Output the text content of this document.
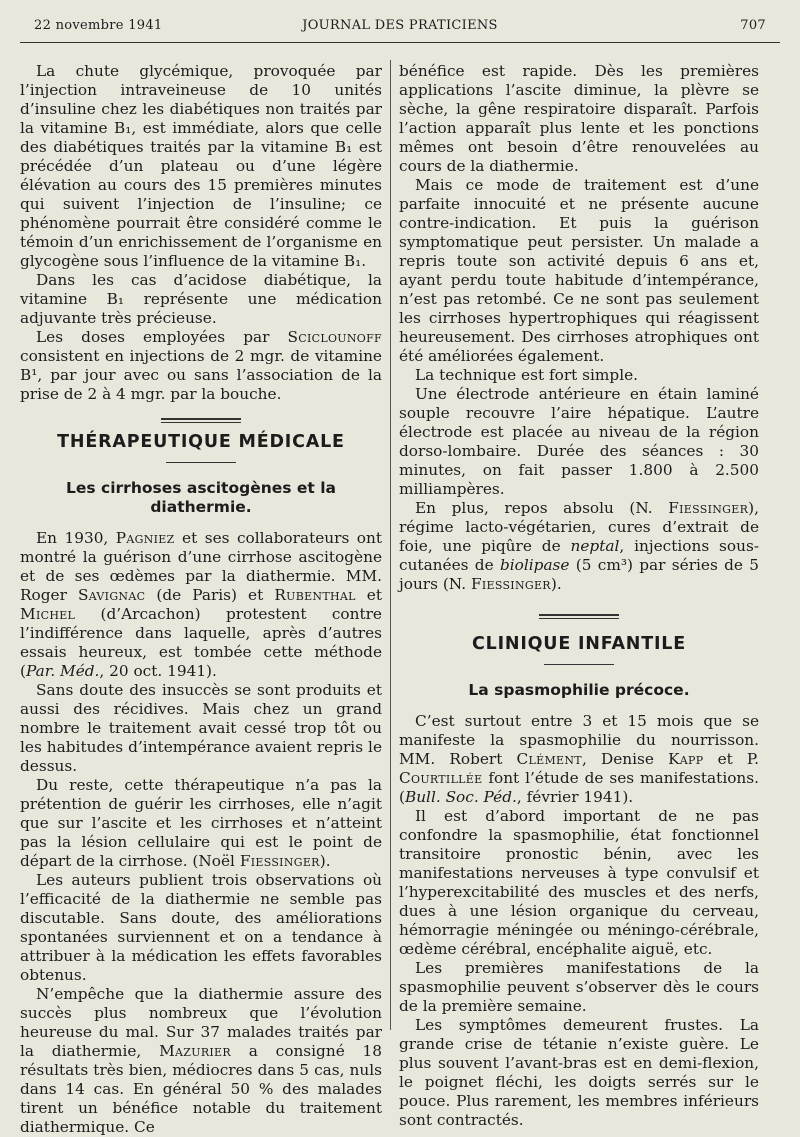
22 novembre 1941	JOURNAL DES PRATICIENS	707

La chute glycémique, provoquée par l’injection intraveineuse de 10 unités d’insuline chez les diabétiques non traités par la vitamine B₁, est immédiate, alors que celle des diabétiques traités par la vitamine B₁ est précédée d’un plateau ou d’une légère élévation au cours des 15 premières minutes qui suivent l’injection de l’insuline; ce phénomène pourrait être considéré comme le témoin d’un enrichissement de l’organisme en glycogène sous l’influence de la vitamine B₁.

Dans les cas d’acidose diabétique, la vitamine B₁ représente une médication adjuvante très précieuse.

Les doses employées par Sciclounoff consistent en injections de 2 mgr. de vitamine B¹, par jour avec ou sans l’association de la prise de 2 à 4 mgr. par la bouche.

THÉRAPEUTIQUE MÉDICALE
Les cirrhoses ascitogènes et la diathermie.

En 1930, Pagniez et ses collaborateurs ont montré la guérison d’une cirrhose ascitogène et de ses œdèmes par la diathermie. MM. Roger Savignac (de Paris) et Rubenthal et Michel (d’Arcachon) protestent contre l’indifférence dans laquelle, après d’autres essais heureux, est tombée cette méthode (Par. Méd., 20 oct. 1941).

Sans doute des insuccès se sont produits et aussi des récidives. Mais chez un grand nombre le traitement avait cessé trop tôt ou les habitudes d’intempérance avaient repris le dessus.

Du reste, cette thérapeutique n’a pas la prétention de guérir les cirrhoses, elle n’agit que sur l’ascite et les cirrhoses et n’atteint pas la lésion cellulaire qui est le point de départ de la cirrhose. (Noël Fiessinger).

Les auteurs publient trois observations où l’efficacité de la diathermie ne semble pas discutable. Sans doute, des améliorations spontanées surviennent et on a tendance à attribuer à la médication les effets favorables obtenus.

N’empêche que la diathermie assure des succès plus nombreux que l’évolution heureuse du mal. Sur 37 malades traités par la diathermie, Mazurier a consigné 18 résultats très bien, médiocres dans 5 cas, nuls dans 14 cas. En général 50 % des malades tirent un bénéfice notable du traitement diathermique. Ce

bénéfice est rapide. Dès les premières applications l’ascite diminue, la plèvre se sèche, la gêne respiratoire disparaît. Parfois l’action apparaît plus lente et les ponctions mêmes ont besoin d’être renouvelées au cours de la diathermie.

Mais ce mode de traitement est d’une parfaite innocuité et ne présente aucune contre-indication. Et puis la guérison symptomatique peut persister. Un malade a repris toute son activité depuis 6 ans et, ayant perdu toute habitude d’intempérance, n’est pas retombé. Ce ne sont pas seulement les cirrhoses hypertrophiques qui réagissent heureusement. Des cirrhoses atrophiques ont été améliorées également.

La technique est fort simple.

Une électrode antérieure en étain laminé souple recouvre l’aire hépatique. L’autre électrode est placée au niveau de la région dorso-lombaire. Durée des séances : 30 minutes, on fait passer 1.800 à 2.500 milliampères.

En plus, repos absolu (N. Fiessinger), régime lacto-végétarien, cures d’extrait de foie, une piqûre de neptal, injections sous-cutanées de biolipase (5 cm³) par séries de 5 jours (N. Fiessinger).

CLINIQUE INFANTILE
La spasmophilie précoce.

C’est surtout entre 3 et 15 mois que se manifeste la spasmophilie du nourrisson. MM. Robert Clément, Denise Kapp et P. Courtillée font l’étude de ses manifestations. (Bull. Soc. Péd., février 1941).

Il est d’abord important de ne pas confondre la spasmophilie, état fonctionnel transitoire pronostic bénin, avec les manifestations nerveuses à type convulsif et l’hyperexcitabilité des muscles et des nerfs, dues à une lésion organique du cerveau, hémorragie méningée ou méningo-cérébrale, œdème cérébral, encéphalite aiguë, etc.

Les premières manifestations de la spasmophilie peuvent s’observer dès le cours de la première semaine.

Les symptômes demeurent frustes. La grande crise de tétanie n’existe guère. Le plus souvent l’avant-bras est en demi-flexion, le poignet fléchi, les doigts serrés sur le pouce. Plus rarement, les membres inférieurs sont contractés.
